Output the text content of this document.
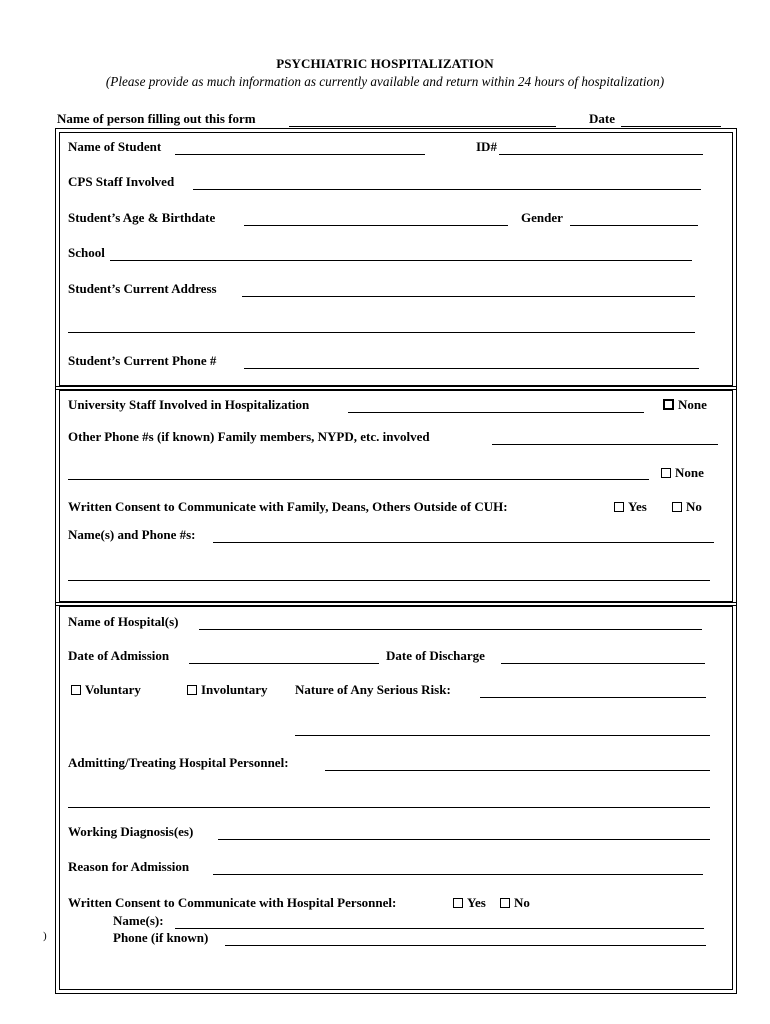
PSYCHIATRIC HOSPITALIZATION
(Please provide as much information as currently available and return within 24 hours of hospitalization)
Name of person filling out this form	Date
Name of Student	ID#
CPS Staff Involved
Student’s Age & Birthdate	Gender
School
Student’s Current Address
Student’s Current Phone #
University Staff Involved in Hospitalization	None
Other Phone #s (if known) Family members, NYPD, etc. involved
None
Written Consent to Communicate with Family, Deans, Others Outside of CUH:	Yes	No
Name(s) and Phone #s:
Name of Hospital(s)
Date of Admission	Date of Discharge
Voluntary	Involuntary Nature of Any Serious Risk:
Admitting/Treating Hospital Personnel:
Working Diagnosis(es)
Reason for Admission
Written Consent to Communicate with Hospital Personnel:	Yes	No
Name(s):
Phone (if known)
)
